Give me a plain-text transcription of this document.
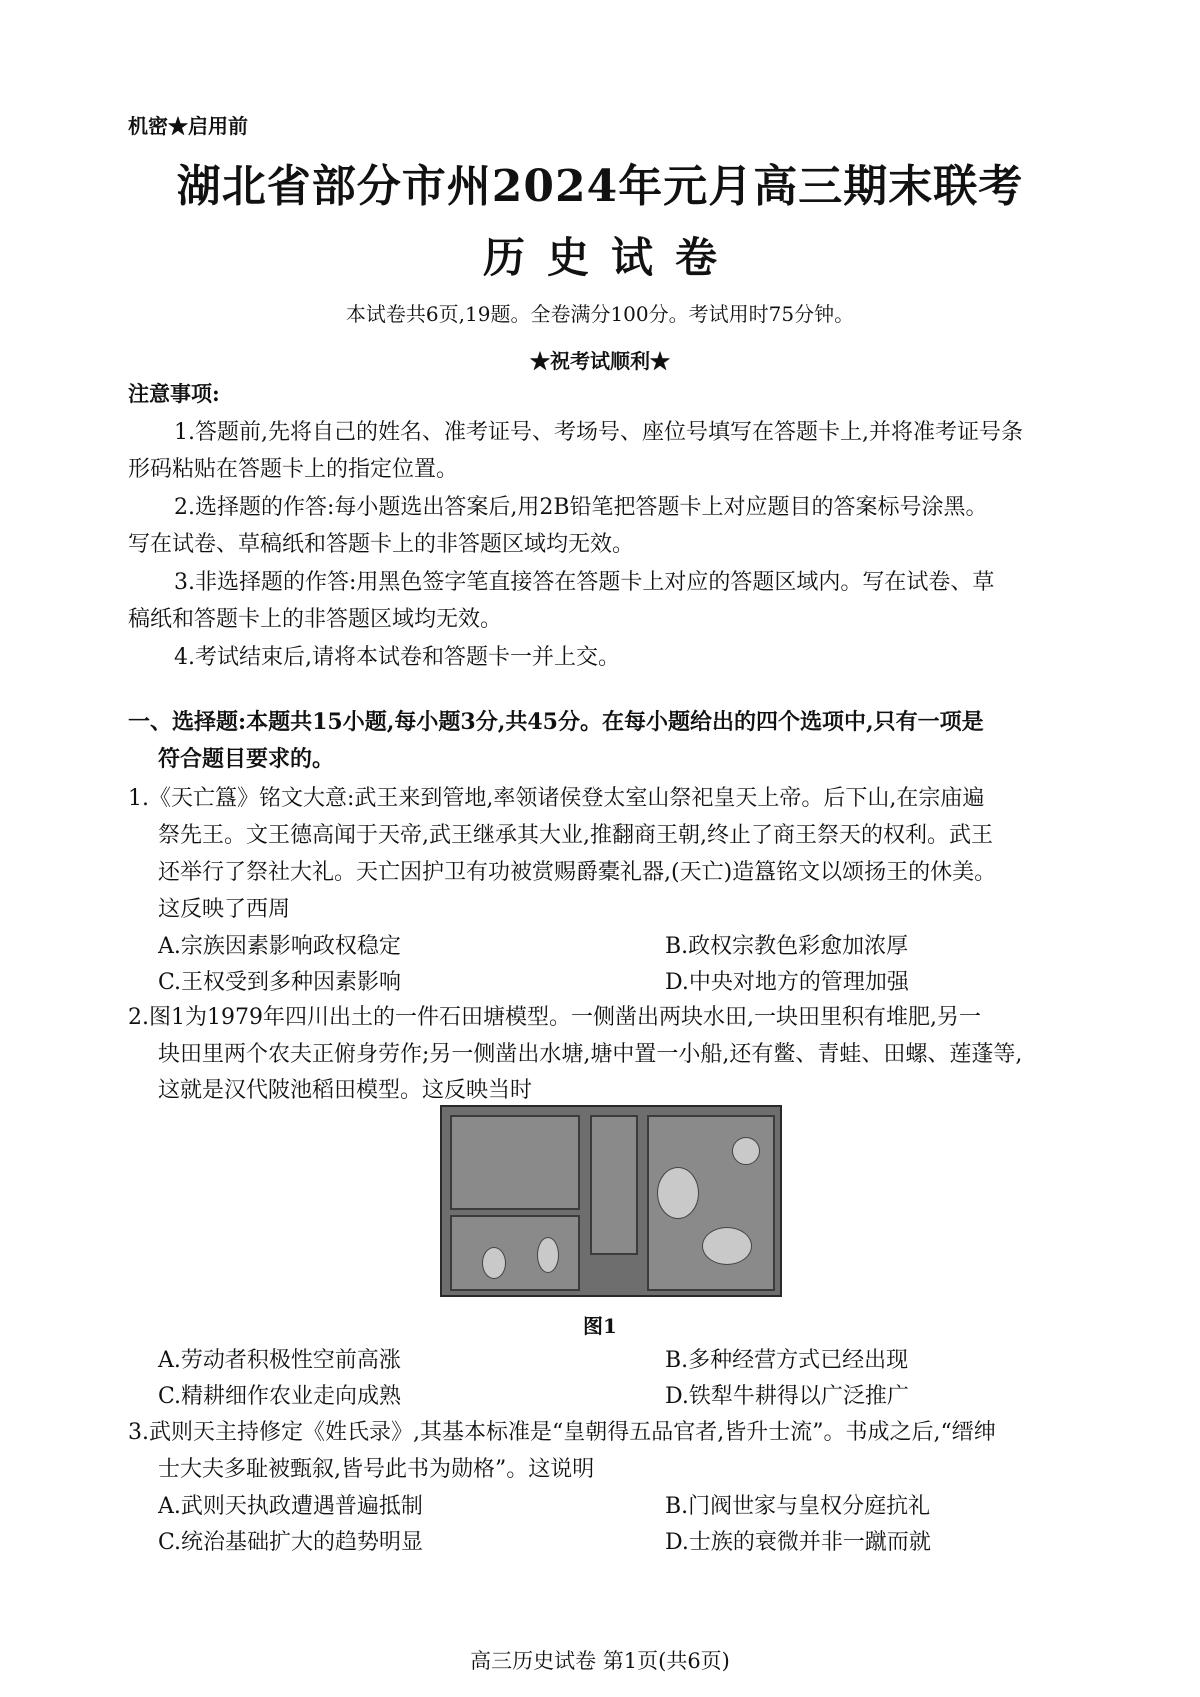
机密★启用前
湖北省部分市州2024年元月高三期末联考
历史试卷
本试卷共6页,19题。全卷满分100分。考试用时75分钟。
★祝考试顺利★
注意事项:
1.答题前,先将自己的姓名、准考证号、考场号、座位号填写在答题卡上,并将准考证号条
形码粘贴在答题卡上的指定位置。
2.选择题的作答:每小题选出答案后,用2B铅笔把答题卡上对应题目的答案标号涂黑。
写在试卷、草稿纸和答题卡上的非答题区域均无效。
3.非选择题的作答:用黑色签字笔直接答在答题卡上对应的答题区域内。写在试卷、草
稿纸和答题卡上的非答题区域均无效。
4.考试结束后,请将本试卷和答题卡一并上交。
一、选择题:本题共15小题,每小题3分,共45分。在每小题给出的四个选项中,只有一项是
符合题目要求的。
1.《天亡簋》铭文大意:武王来到管地,率领诸侯登太室山祭祀皇天上帝。后下山,在宗庙遍
祭先王。文王德高闻于天帝,武王继承其大业,推翻商王朝,终止了商王祭天的权利。武王
还举行了祭社大礼。天亡因护卫有功被赏赐爵橐礼器,(天亡)造簋铭文以颂扬王的休美。
这反映了西周
A.宗族因素影响政权稳定	B.政权宗教色彩愈加浓厚
C.王权受到多种因素影响	D.中央对地方的管理加强
2.图1为1979年四川出土的一件石田塘模型。一侧凿出两块水田,一块田里积有堆肥,另一
块田里两个农夫正俯身劳作;另一侧凿出水塘,塘中置一小船,还有鳖、青蛙、田螺、莲蓬等,
这就是汉代陂池稻田模型。这反映当时
图1
A.劳动者积极性空前高涨	B.多种经营方式已经出现
C.精耕细作农业走向成熟	D.铁犁牛耕得以广泛推广
3.武则天主持修定《姓氏录》,其基本标准是“皇朝得五品官者,皆升士流”。书成之后,“缙绅
士大夫多耻被甄叙,皆号此书为勋格”。这说明
A.武则天执政遭遇普遍抵制	B.门阀世家与皇权分庭抗礼
C.统治基础扩大的趋势明显	D.士族的衰微并非一蹴而就
高三历史试卷 第1页(共6页)
